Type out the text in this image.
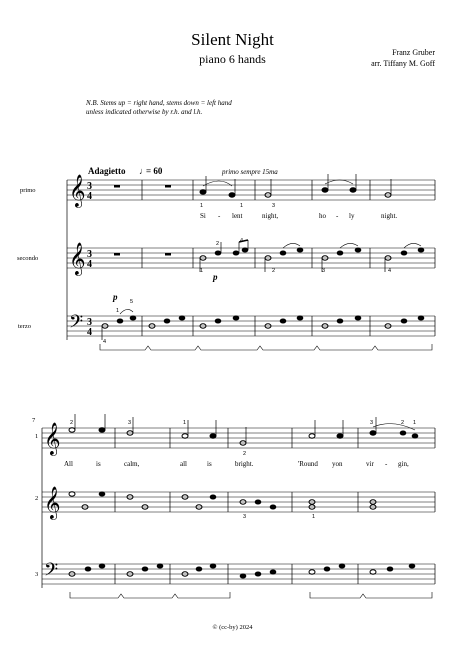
Silent Night
piano 6 hands	Franz Gruber
arr. Tiffany M. Goff
N.B. Stems up = right hand, stems down = left hand
unless indicated otherwise by r.h. and l.h.
Adagietto ♩
= 60	primo sempre 15ma
primo
secondo
terzo
𝄞
𝄞
𝄢
3
4
3
4
3
4
Si - lent	night,	ho - ly	night.
p
p
1
5
1	1	3
2	4
1	2	3	4
4
7
1
2
3
𝄞
𝄞
𝄢
All	is	calm,	all	is	bright.	'Round yon	vir - gin,
2	3	1
2
3	1
3	2 1
© (cc-by) 2024
